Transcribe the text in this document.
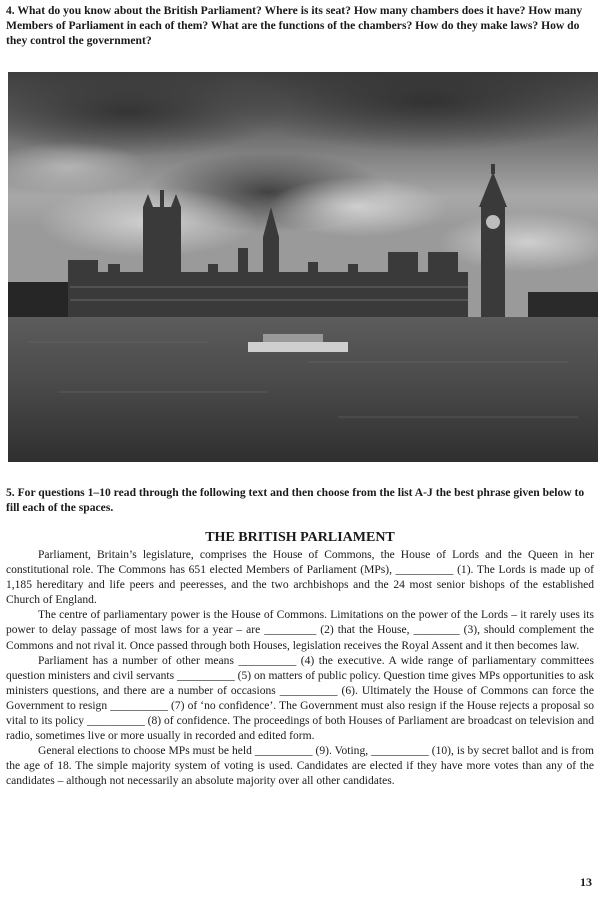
4. What do you know about the British Parliament? Where is its seat? How many chambers does it have? How many Members of Parliament in each of them? What are the functions of the chambers? How do they make laws? How do they control the government?
5. For questions 1–10 read through the following text and then choose from the list A-J the best phrase given below to fill each of the spaces.
THE BRITISH PARLIAMENT

Parliament, Britain’s legislature, comprises the House of Commons, the House of Lords and the Queen in her constitutional role. The Commons has 651 elected Members of Parliament (MPs), __________ (1). The Lords is made up of 1,185 hereditary and life peers and peeresses, and the two archbishops and the 24 most senior bishops of the established Church of England.

The centre of parliamentary power is the House of Commons. Limitations on the power of the Lords – it rarely uses its power to delay passage of most laws for a year – are _________ (2) that the House, ________ (3), should complement the Commons and not rival it. Once passed through both Houses, legislation receives the Royal Assent and it then becomes law.

Parliament has a number of other means __________ (4) the executive. A wide range of parliamentary committees question ministers and civil servants __________ (5) on matters of public policy. Question time gives MPs opportunities to ask ministers questions, and there are a number of occasions __________ (6). Ultimately the House of Commons can force the Government to resign __________ (7) of ‘no confidence’. The Government must also resign if the House rejects a proposal so vital to its policy __________ (8) of confidence. The proceedings of both Houses of Parliament are broadcast on television and radio, sometimes live or more usually in recorded and edited form.

General elections to choose MPs must be held __________ (9). Voting, __________ (10), is by secret ballot and is from the age of 18. The simple majority system of voting is used. Candidates are elected if they have more votes than any of the candidates – although not necessarily an absolute majority over all other candidates.

13
